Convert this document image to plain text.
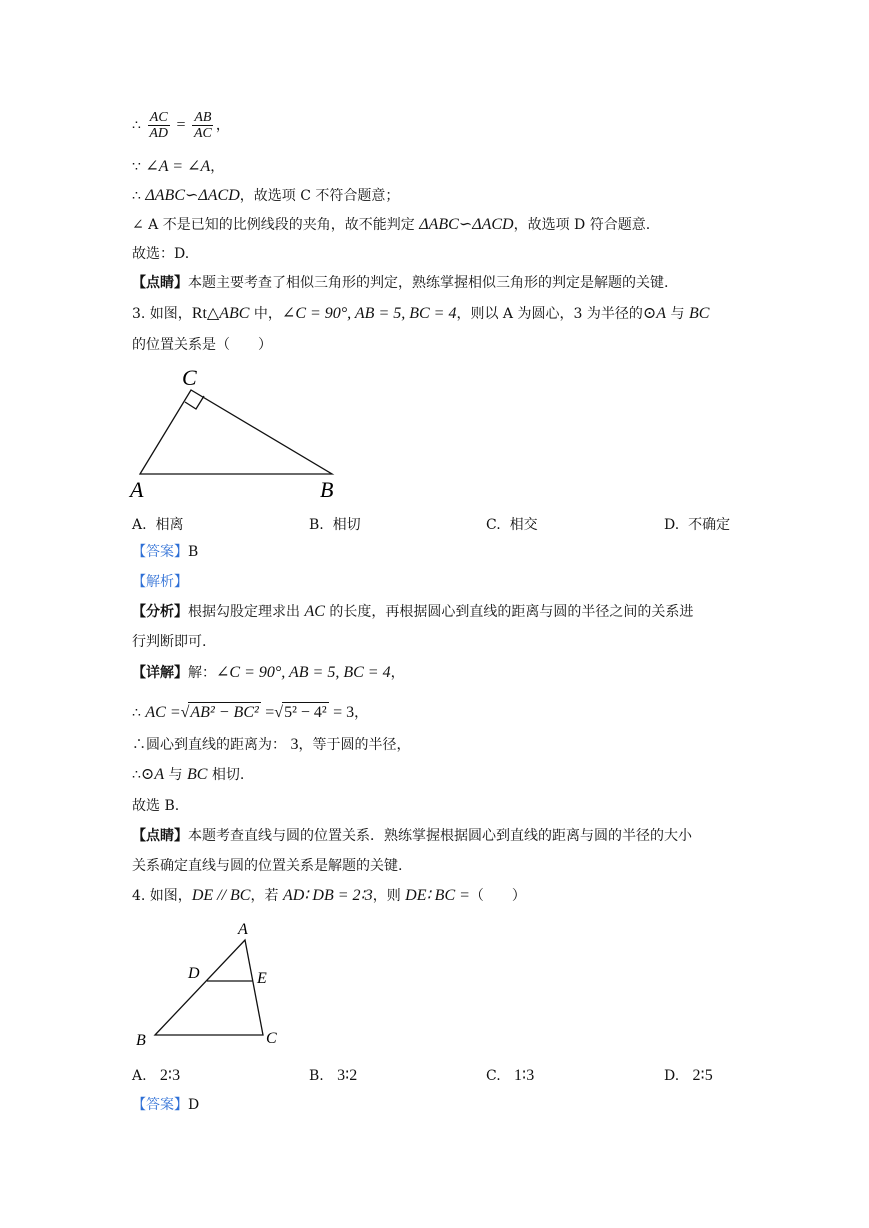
∴ $\frac{AC}{AD} = \frac{AB}{AC}$ ，
∵ ∠A = ∠A，
∴ ΔABC∽ΔACD，故选项 C 不符合题意；
∠ A 不是已知的比例线段的夹角，故不能判定 ΔABC∽ΔACD，故选项 D 符合题意.
故选：D.
【点睛】本题主要考查了相似三角形的判定，熟练掌握相似三角形的判定是解题的关键.
3. 如图，Rt△ABC 中，∠C = 90°, AB = 5, BC = 4，则以 A 为圆心，3 为半径的⊙A 与 BC
的位置关系是（　　）
C
A	B
A. 相离	B. 相切	C. 相交	D. 不确定
【答案】B
【解析】
【分析】根据勾股定理求出 AC 的长度，再根据圆心到直线的距离与圆的半径之间的关系进
行判断即可.
【详解】解：∠C = 90°, AB = 5, BC = 4，
∴ AC =√AB² − BC² =√5² − 4² = 3，
∴圆心到直线的距离为： 3，等于圆的半径，
∴⊙A 与 BC 相切.
故选 B.
【点睛】本题考查直线与圆的位置关系．熟练掌握根据圆心到直线的距离与圆的半径的大小
关系确定直线与圆的位置关系是解题的关键.
4. 如图，DE // BC，若 AD∶ DB = 2∶3，则 DE∶ BC =（　　）
A
D	E
B	C
A. 2∶3	B. 3∶2	C. 1∶3	D. 2∶5
【答案】D
